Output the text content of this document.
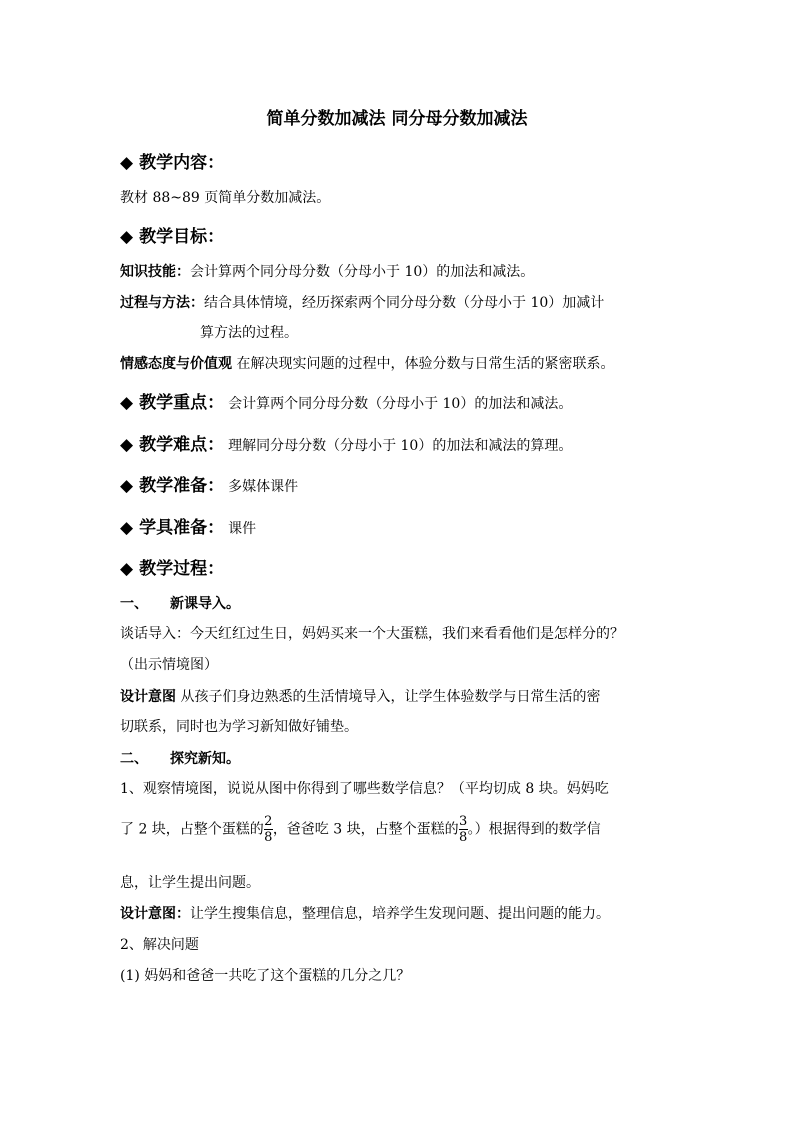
简单分数加减法 同分母分数加减法
◆ 教学内容：
教材 88~89 页简单分数加减法。
◆ 教学目标：
知识技能：会计算两个同分母分数（分母小于 10）的加法和减法。
过程与方法：结合具体情境，经历探索两个同分母分数（分母小于 10）加减计
算方法的过程。
情感态度与价值观 在解决现实问题的过程中，体验分数与日常生活的紧密联系。
◆ 教学重点： 会计算两个同分母分数（分母小于 10）的加法和减法。
◆ 教学难点： 理解同分母分数（分母小于 10）的加法和减法的算理。
◆ 教学准备： 多媒体课件
◆ 学具准备： 课件
◆ 教学过程：
一、 新课导入。
谈话导入：今天红红过生日，妈妈买来一个大蛋糕，我们来看看他们是怎样分的？
（出示情境图）
设计意图 从孩子们身边熟悉的生活情境导入，让学生体验数学与日常生活的密
切联系，同时也为学习新知做好铺垫。
二、 探究新知。
1、观察情境图，说说从图中你得到了哪些数学信息？（平均切成 8 块。妈妈吃
了 2 块，占整个蛋糕的 $\frac{2}{8}$ ，爸爸吃 3 块，占整个蛋糕的 $\frac{3}{8}$ 。）根据得到的数学信
息，让学生提出问题。
设计意图：让学生搜集信息，整理信息，培养学生发现问题、提出问题的能力。
2、解决问题
(1) 妈妈和爸爸一共吃了这个蛋糕的几分之几？
